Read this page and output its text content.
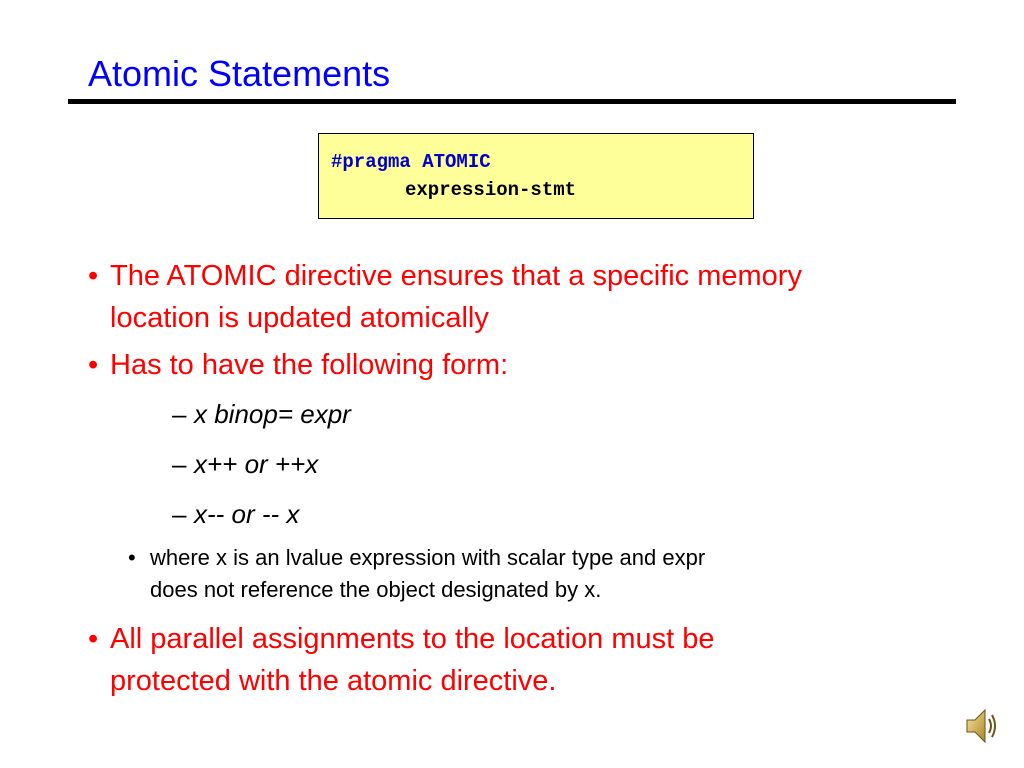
Atomic Statements
#pragma ATOMIC
expression-stmt
• The ATOMIC directive ensures that a specific memory
location is updated atomically
• Has to have the following form:
– x binop= expr
– x++ or ++x
– x-- or -- x
• where x is an lvalue expression with scalar type and expr
does not reference the object designated by x.
• All parallel assignments to the location must be
protected with the atomic directive.
